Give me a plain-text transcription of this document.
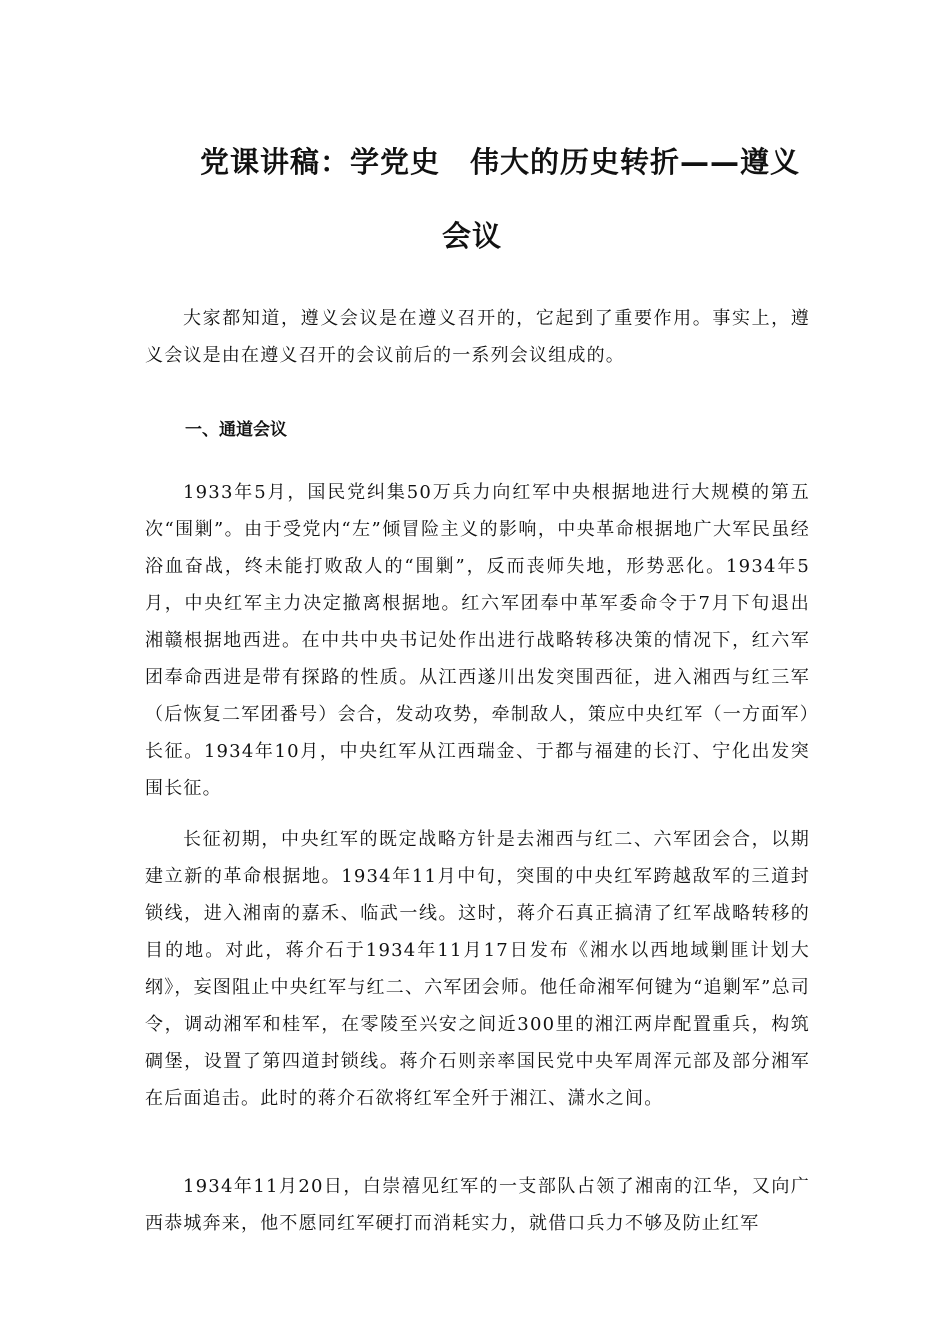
党课讲稿：学党史　伟大的历史转折——遵义
会议

大家都知道，遵义会议是在遵义召开的，它起到了重要作用。事实上，遵义会议是由在遵义召开的会议前后的一系列会议组成的。

一、通道会议

1933年5月，国民党纠集50万兵力向红军中央根据地进行大规模的第五次“围剿”。由于受党内“左”倾冒险主义的影响，中央革命根据地广大军民虽经浴血奋战，终未能打败敌人的“围剿”，反而丧师失地，形势恶化。1934年5月，中央红军主力决定撤离根据地。红六军团奉中革军委命令于7月下旬退出湘赣根据地西进。在中共中央书记处作出进行战略转移决策的情况下，红六军团奉命西进是带有探路的性质。从江西遂川出发突围西征，进入湘西与红三军（后恢复二军团番号）会合，发动攻势，牵制敌人，策应中央红军（一方面军）长征。1934年10月，中央红军从江西瑞金、于都与福建的长汀、宁化出发突围长征。

长征初期，中央红军的既定战略方针是去湘西与红二、六军团会合，以期建立新的革命根据地。1934年11月中旬，突围的中央红军跨越敌军的三道封锁线，进入湘南的嘉禾、临武一线。这时，蒋介石真正搞清了红军战略转移的目的地。对此，蒋介石于1934年11月17日发布《湘水以西地域剿匪计划大纲》，妄图阻止中央红军与红二、六军团会师。他任命湘军何键为“追剿军”总司令，调动湘军和桂军，在零陵至兴安之间近300里的湘江两岸配置重兵，构筑碉堡，设置了第四道封锁线。蒋介石则亲率国民党中央军周浑元部及部分湘军在后面追击。此时的蒋介石欲将红军全歼于湘江、潇水之间。

1934年11月20日，白崇禧见红军的一支部队占领了湘南的江华，又向广西恭城奔来，他不愿同红军硬打而消耗实力，就借口兵力不够及防止红军
